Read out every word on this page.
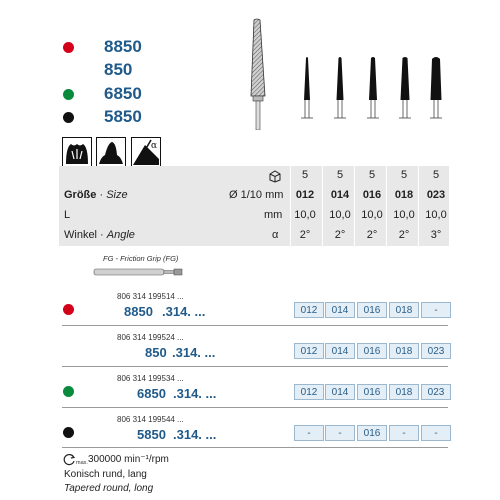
8850
850
6850
5850
α
5	5	5	5	5
Größe · Size	Ø 1/10 mm	012	014	016	018	023
L	mm	10,0	10,0 10,0 10,0 10,0
Winkel · Angle	α	2°	2°	2°	2°	3°
FG - Friction Grip (FG)
806 314 199514 ...
8850 .314. ...	012	014	016	018	-
806 314 199524 ...
850 .314. ...	012	014	016	018	023
806 314 199534 ...
6850 .314. ...	012	014	016	018	023
806 314 199544 ...
5850 .314. ...	-	-	016	-	-
max. 300000 min⁻¹/rpm
Konisch rund, lang
Tapered round, long
